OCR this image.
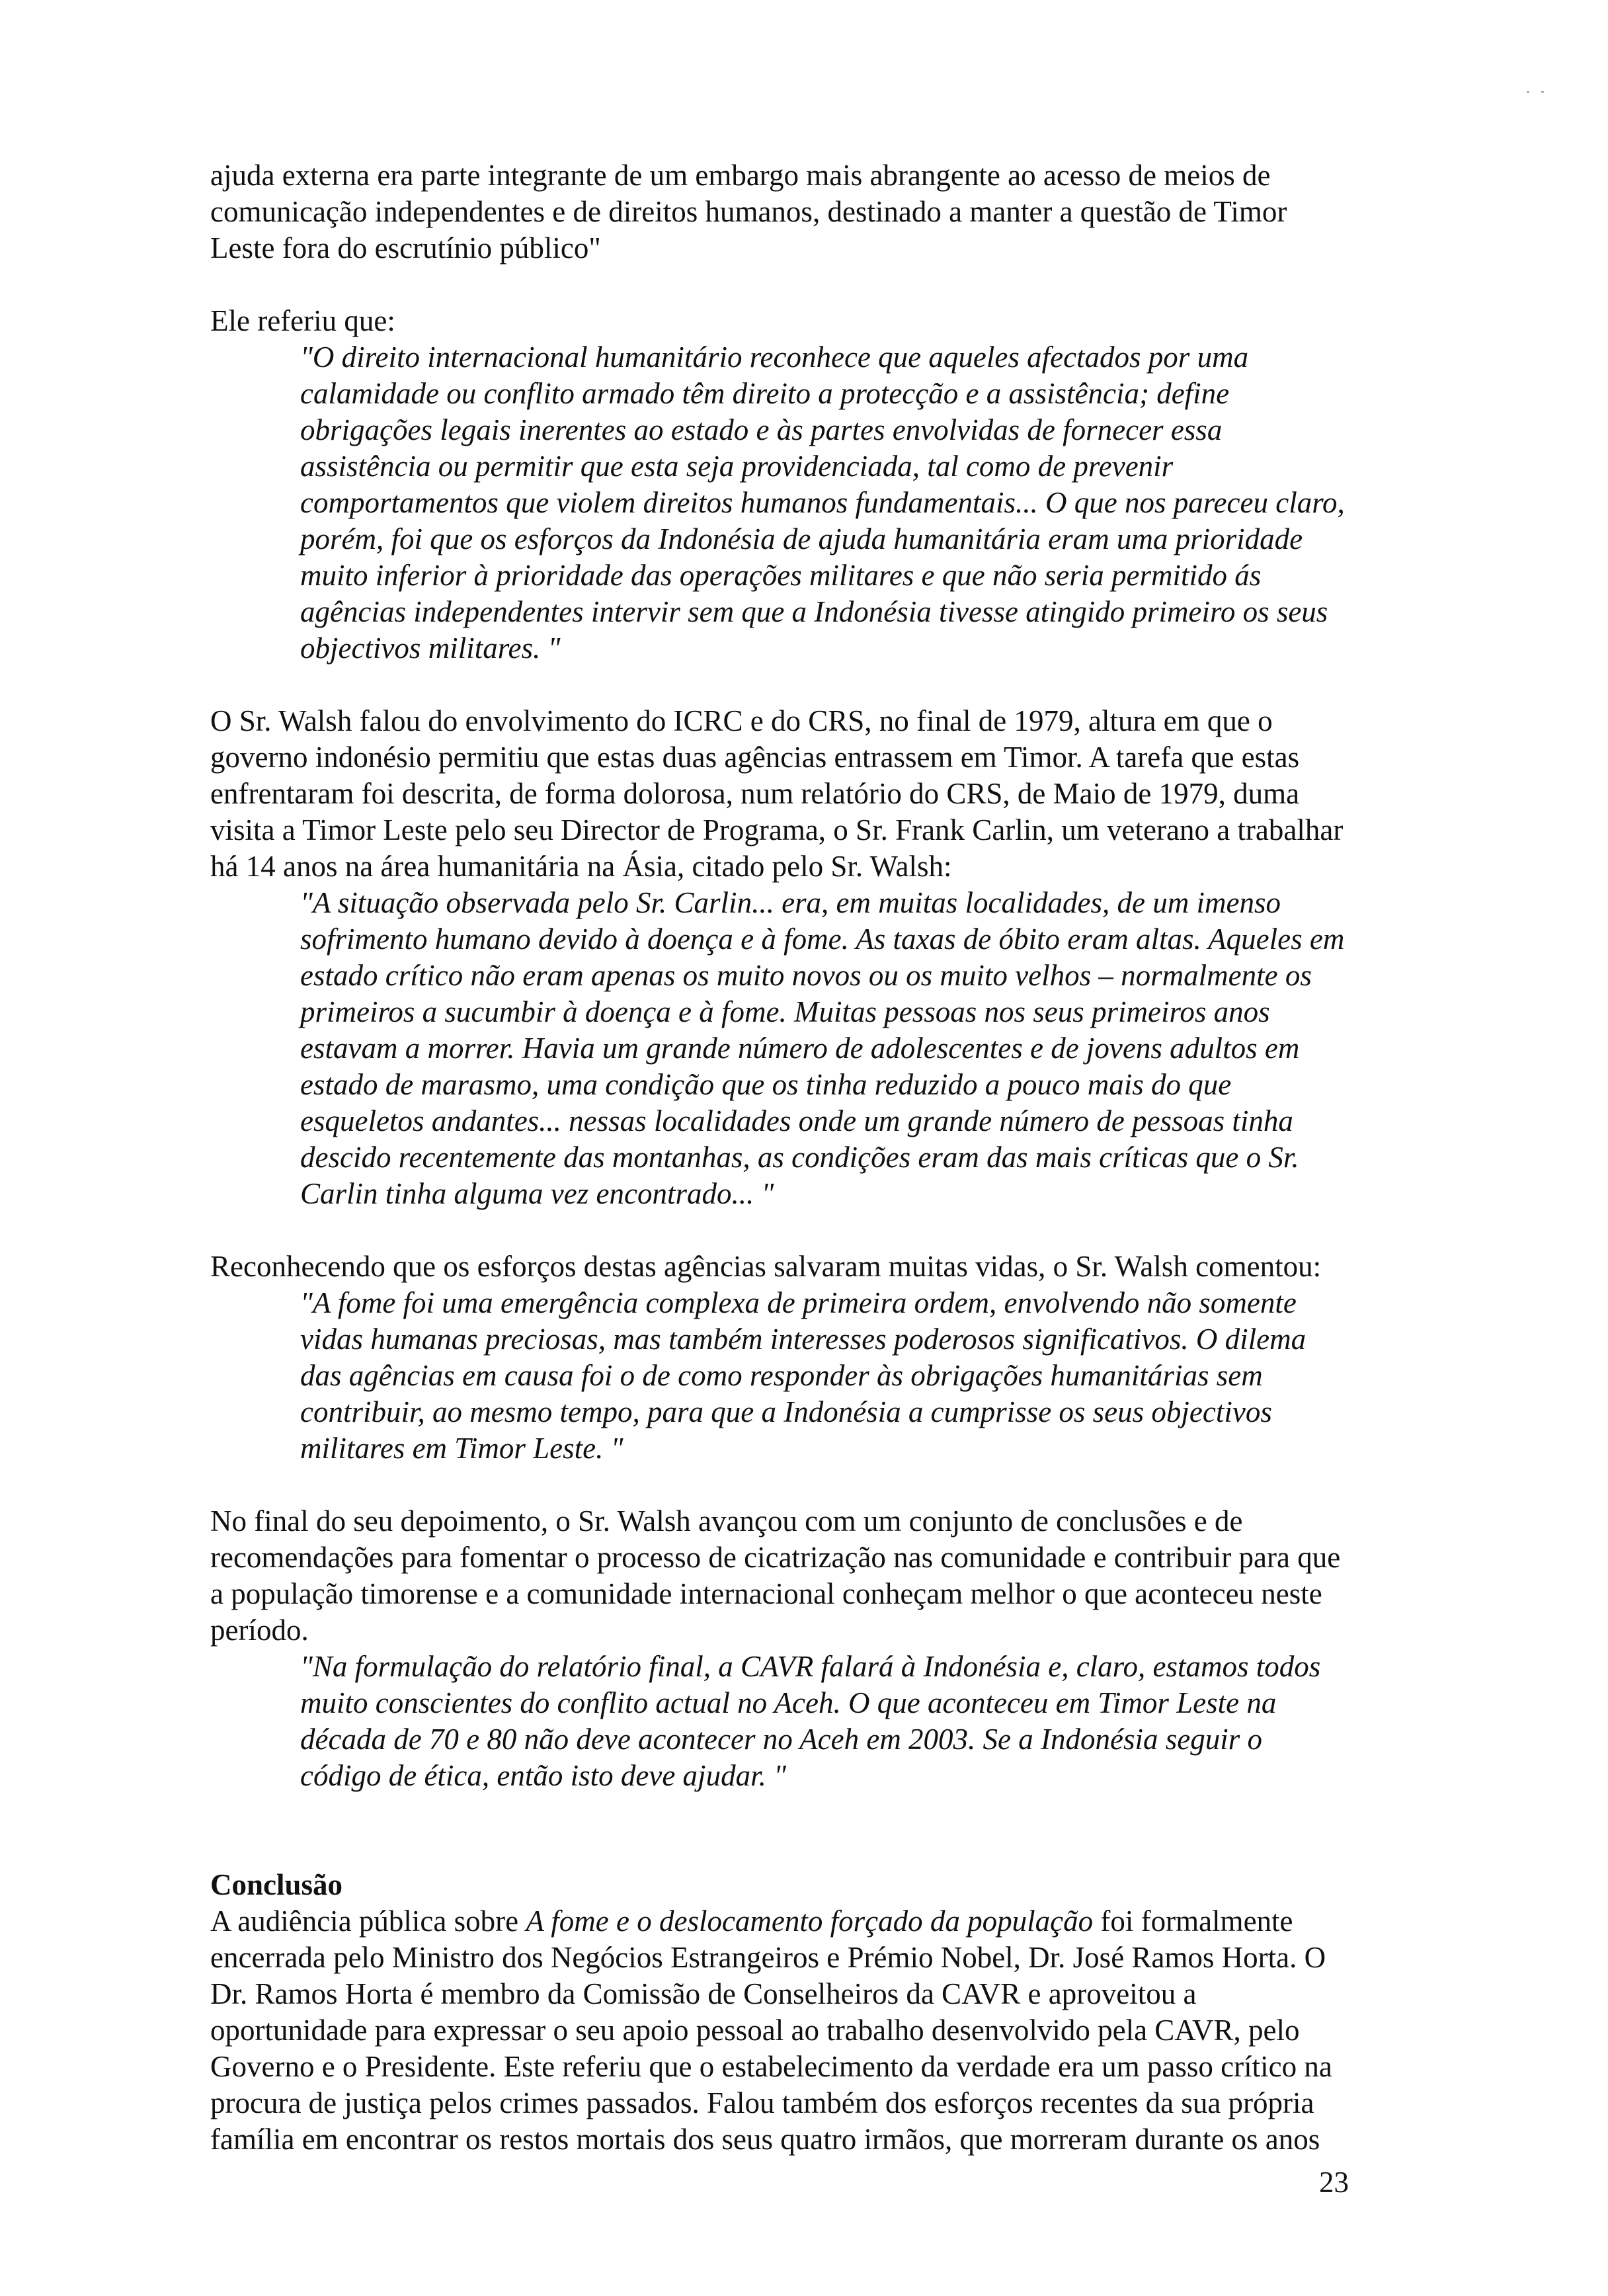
ajuda externa era parte integrante de um embargo mais abrangente ao acesso de meios de comunicação independentes e de direitos humanos, destinado a manter a questão de Timor Leste fora do escrutínio público"

Ele referiu que:

"O direito internacional humanitário reconhece que aqueles afectados por uma calamidade ou conflito armado têm direito a protecção e a assistência; define obrigações legais inerentes ao estado e às partes envolvidas de fornecer essa assistência ou permitir que esta seja providenciada, tal como de prevenir comportamentos que violem direitos humanos fundamentais... O que nos pareceu claro, porém, foi que os esforços da Indonésia de ajuda humanitária eram uma prioridade muito inferior à prioridade das operações militares e que não seria permitido ás agências independentes intervir sem que a Indonésia tivesse atingido primeiro os seus objectivos militares. "

O Sr. Walsh falou do envolvimento do ICRC e do CRS, no final de 1979, altura em que o governo indonésio permitiu que estas duas agências entrassem em Timor. A tarefa que estas enfrentaram foi descrita, de forma dolorosa, num relatório do CRS, de Maio de 1979, duma visita a Timor Leste pelo seu Director de Programa, o Sr. Frank Carlin, um veterano a trabalhar há 14 anos na área humanitária na Ásia, citado pelo Sr. Walsh:

"A situação observada pelo Sr. Carlin... era, em muitas localidades, de um imenso sofrimento humano devido à doença e à fome. As taxas de óbito eram altas. Aqueles em estado crítico não eram apenas os muito novos ou os muito velhos – normalmente os primeiros a sucumbir à doença e à fome. Muitas pessoas nos seus primeiros anos estavam a morrer. Havia um grande número de adolescentes e de jovens adultos em estado de marasmo, uma condição que os tinha reduzido a pouco mais do que esqueletos andantes... nessas localidades onde um grande número de pessoas tinha descido recentemente das montanhas, as condições eram das mais críticas que o Sr. Carlin tinha alguma vez encontrado... "

Reconhecendo que os esforços destas agências salvaram muitas vidas, o Sr. Walsh comentou:

"A fome foi uma emergência complexa de primeira ordem, envolvendo não somente vidas humanas preciosas, mas também interesses poderosos significativos. O dilema das agências em causa foi o de como responder às obrigações humanitárias sem contribuir, ao mesmo tempo, para que a Indonésia a cumprisse os seus objectivos militares em Timor Leste. "

No final do seu depoimento, o Sr. Walsh avançou com um conjunto de conclusões e de recomendações para fomentar o processo de cicatrização nas comunidade e contribuir para que a população timorense e a comunidade internacional conheçam melhor o que aconteceu neste período.

"Na formulação do relatório final, a CAVR falará à Indonésia e, claro, estamos todos muito conscientes do conflito actual no Aceh. O que aconteceu em Timor Leste na década de 70 e 80 não deve acontecer no Aceh em 2003. Se a Indonésia seguir o código de ética, então isto deve ajudar. "

Conclusão

A audiência pública sobre A fome e o deslocamento forçado da população foi formalmente encerrada pelo Ministro dos Negócios Estrangeiros e Prémio Nobel, Dr. José Ramos Horta. O Dr. Ramos Horta é membro da Comissão de Conselheiros da CAVR e aproveitou a oportunidade para expressar o seu apoio pessoal ao trabalho desenvolvido pela CAVR, pelo Governo e o Presidente. Este referiu que o estabelecimento da verdade era um passo crítico na procura de justiça pelos crimes passados. Falou também dos esforços recentes da sua própria família em encontrar os restos mortais dos seus quatro irmãos, que morreram durante os anos

23
